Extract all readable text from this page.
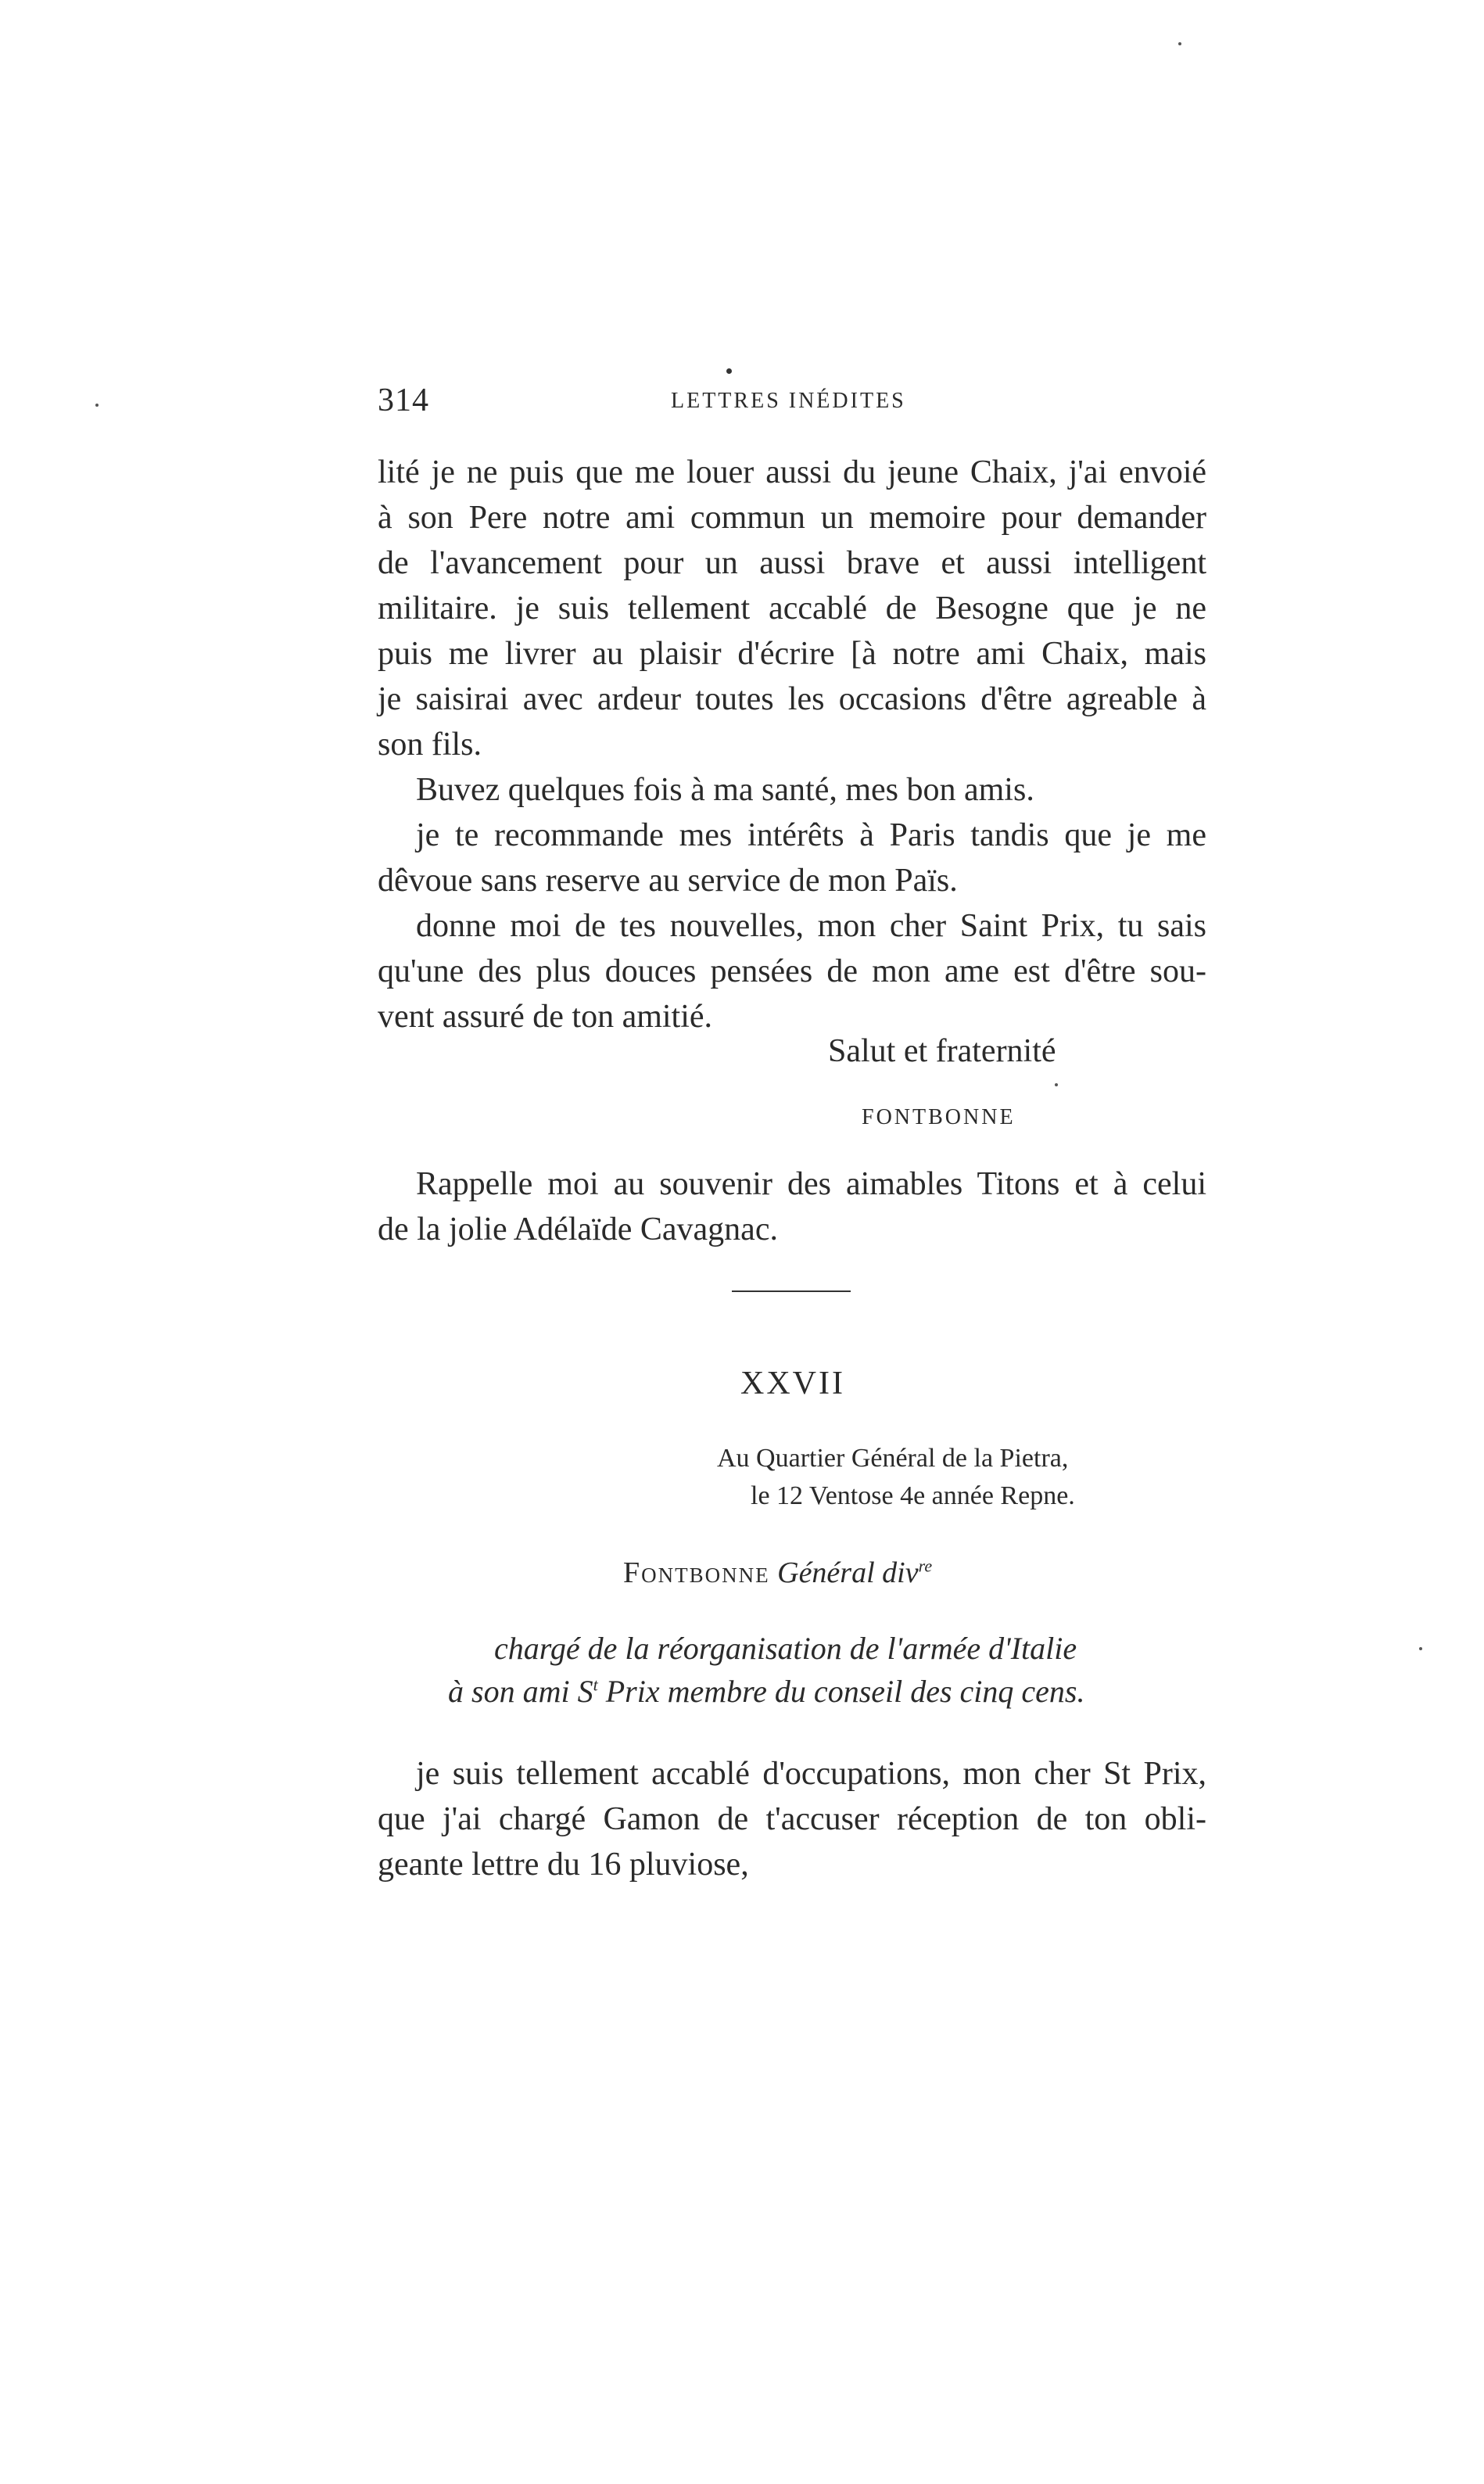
314	LETTRES INÉDITES
lité je ne puis que me louer aussi du jeune Chaix, j'ai envoié
à son Pere notre ami commun un memoire pour demander
de l'avancement pour un aussi brave et aussi intelligent
militaire. je suis tellement accablé de Besogne que je ne
puis me livrer au plaisir d'écrire [à notre ami Chaix, mais
je saisirai avec ardeur toutes les occasions d'être agreable à
son fils.
Buvez quelques fois à ma santé, mes bon amis.
je te recommande mes intérêts à Paris tandis que je me
dêvoue sans reserve au service de mon Païs.
donne moi de tes nouvelles, mon cher Saint Prix, tu sais
qu'une des plus douces pensées de mon ame est d'être sou-
vent assuré de ton amitié.
Salut et fraternité
FONTBONNE
Rappelle moi au souvenir des aimables Titons et à celui
de la jolie Adélaïde Cavagnac.
XXVII
Au Quartier Général de la Pietra,
le 12 Ventose 4e année Repne.
Fontbonne Général div$^{re}$
chargé de la réorganisation de l'armée d'Italie
à son ami $S^t$ Prix membre du conseil des cinq cens.
je suis tellement accablé d'occupations, mon cher St Prix,
que j'ai chargé Gamon de t'accuser réception de ton obli-
geante lettre du 16 pluviose,
